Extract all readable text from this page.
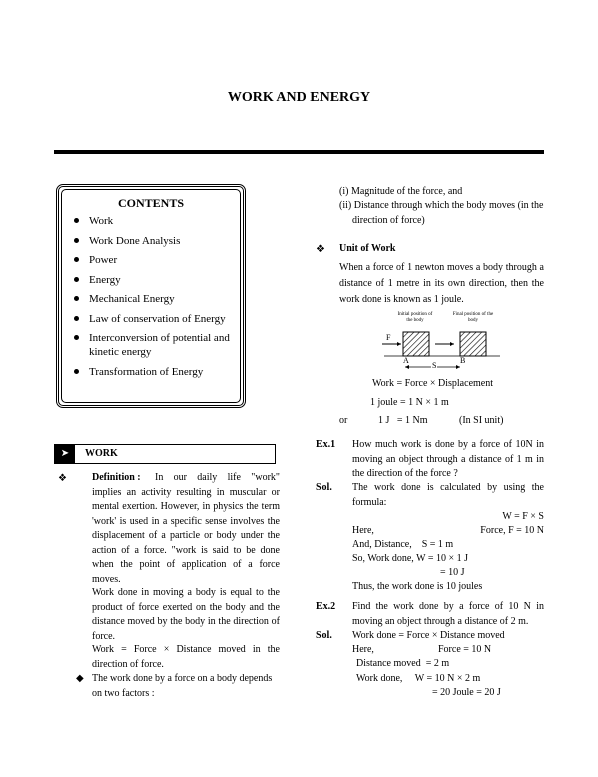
WORK AND ENERGY
CONTENTS
Work
Work Done Analysis
Power
Energy
Mechanical Energy
Law of conservation of Energy
Interconversion of potential and kinetic energy
Transformation of Energy
➤	WORK
❖	Definition :	In our daily life "work" implies an activity resulting in muscular or mental exertion. However, in physics the term 'work' is used in a specific sense involves the displacement of a particle or body under the action of a force. "work is said to be done when the point of application of a force moves.
Work done in moving a body is equal to the product of force exerted on the body and the distance moved by the body in the direction of force.
Work = Force × Distance moved in the direction of force.
◆ The work done by a force on a body depends on two factors :
(i) Magnitude of the force, and
(ii) Distance through which the body moves (in the direction of force)
❖ Unit of Work
When a force of 1 newton moves a body through a distance of 1 metre in its own direction, then the work done is known as 1 joule.
Initial position of the body
Final position of the body
F
A	B
S
Work = Force × Displacement
1 joule = 1 N × 1 m
or	1 J   = 1 Nm	(In SI unit)
Ex.1 How much work is done by a force of 10N in moving an object through a distance of 1 m in the direction of the force ?
Sol. The work done is calculated by using the formula:
W = F × S
Here,	Force, F = 10 N
And, Distance,    S = 1 m
So, Work done, W = 10 × 1 J
= 10 J
Thus, the work done is 10 joules
Ex.2 Find the work done by a force of 10 N in moving an object through a distance of 2 m.
Sol. Work done = Force × Distance moved
Here,	Force = 10 N
Distance moved  = 2 m
Work done,     W = 10 N × 2 m
= 20 Joule = 20 J
